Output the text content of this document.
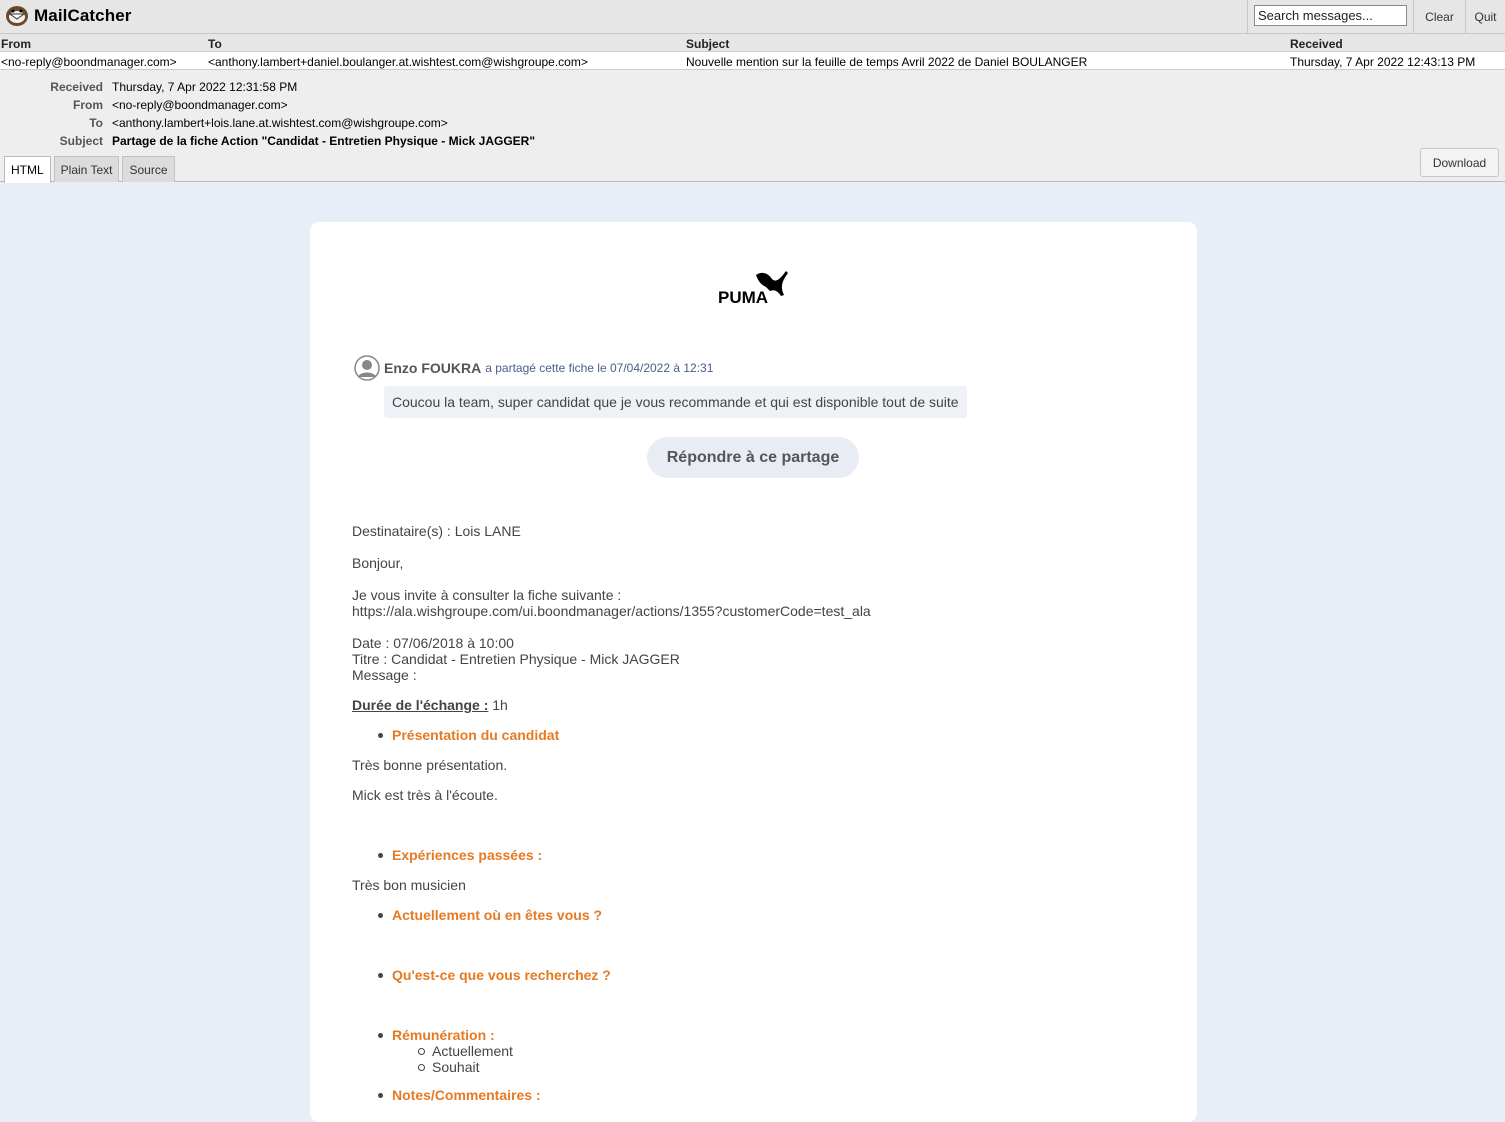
MailCatcher
Search messages...	Clear	Quit
From	To	Subject	Received
<no-reply@boondmanager.com>	<anthony.lambert+daniel.boulanger.at.wishtest.com@wishgroupe.com>	Nouvelle mention sur la feuille de temps Avril 2022 de Daniel BOULANGER	Thursday, 7 Apr 2022 12:43:13 PM
Received Thursday, 7 Apr 2022 12:31:58 PM
From <no-reply@boondmanager.com>
To <anthony.lambert+lois.lane.at.wishtest.com@wishgroupe.com>
Subject Partage de la fiche Action "Candidat - Entretien Physique - Mick JAGGER"
HTML	Plain Text	Source	Download
PUMA
Enzo FOUKRA a partagé cette fiche le 07/04/2022 à 12:31
Coucou la team, super candidat que je vous recommande et qui est disponible tout de suite
Répondre à ce partage
Destinataire(s) : Lois LANE
Bonjour,
Je vous invite à consulter la fiche suivante :
https://ala.wishgroupe.com/ui.boondmanager/actions/1355?customerCode=test_ala
Date : 07/06/2018 à 10:00
Titre : Candidat - Entretien Physique - Mick JAGGER
Message :
Durée de l'échange : 1h
Présentation du candidat
Très bonne présentation.
Mick est très à l'écoute.
Expériences passées :
Très bon musicien
Actuellement où en êtes vous ?
Qu'est-ce que vous recherchez ?
Rémunération :
Actuellement
Souhait
Notes/Commentaires :
